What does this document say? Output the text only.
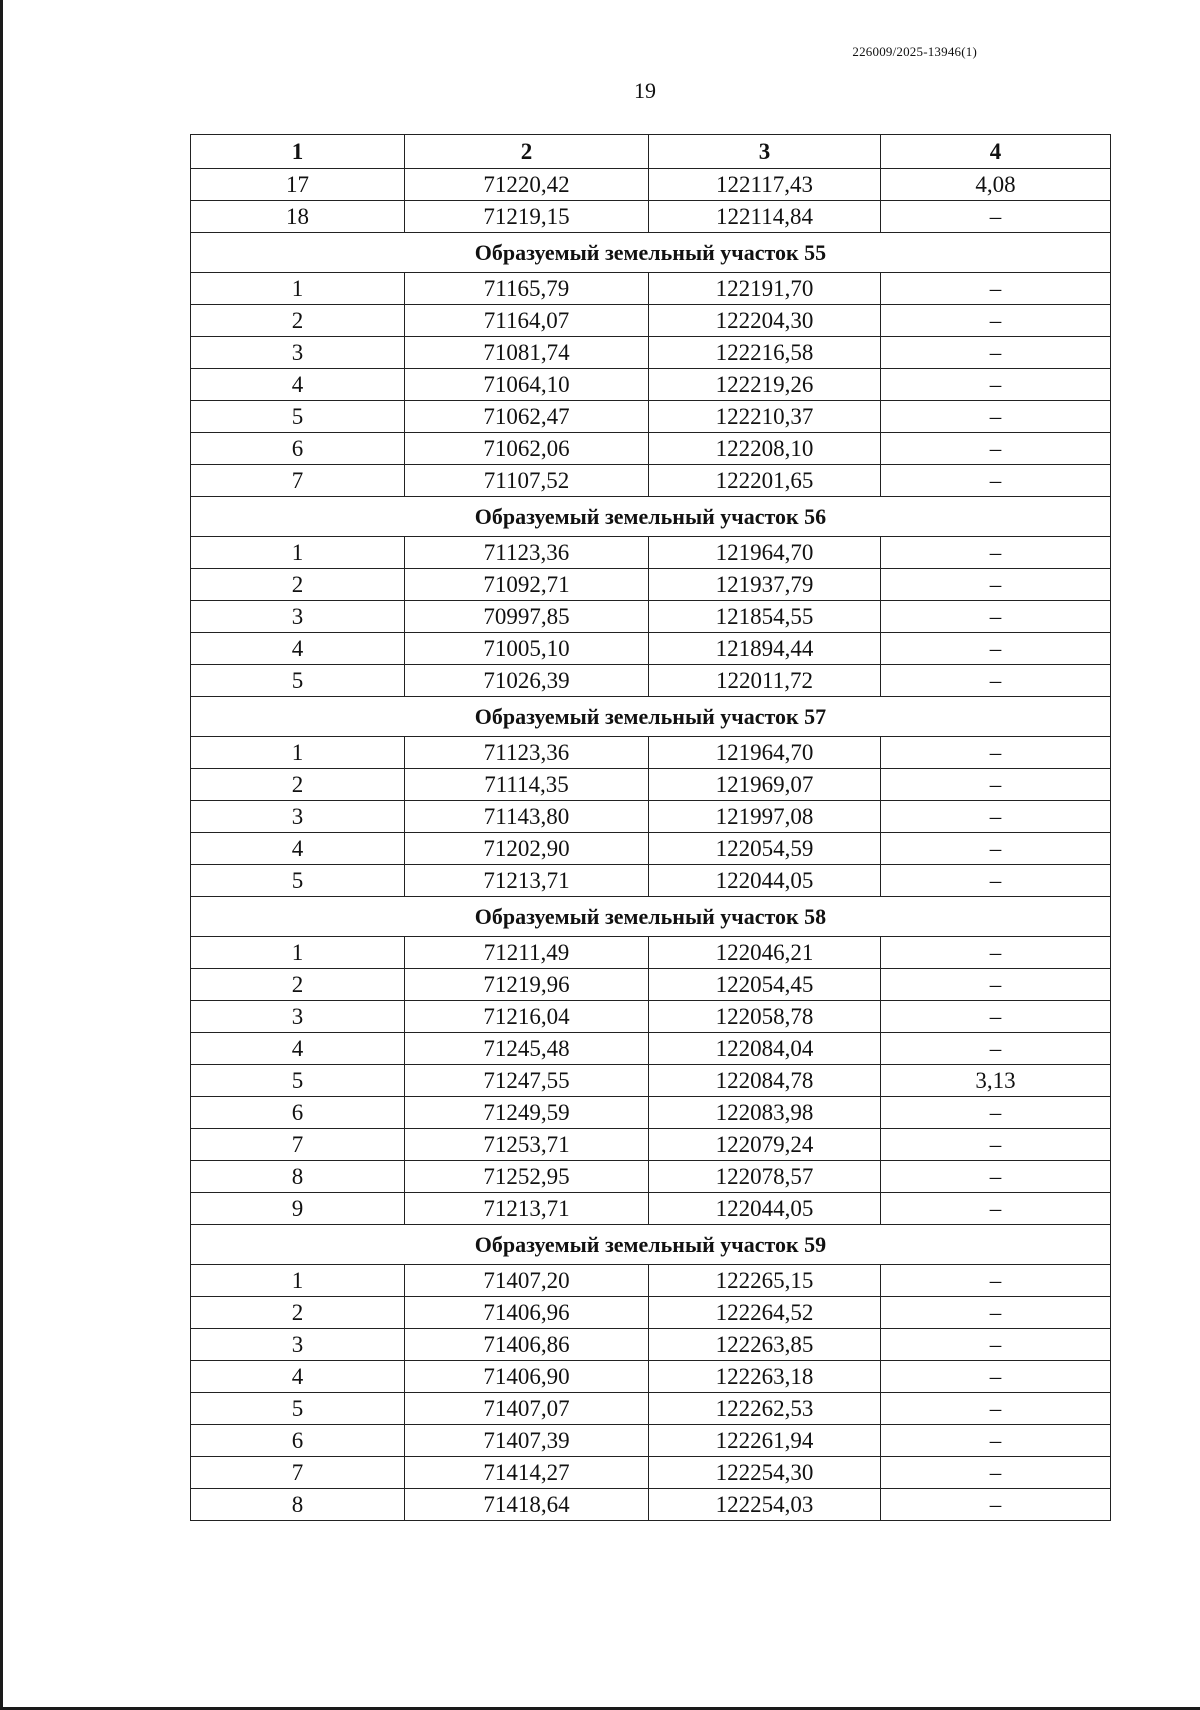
226009/2025-13946(1)
19
1	2	3	4
17	71220,42	122117,43	4,08
18	71219,15	122114,84	–
Образуемый земельный участок 55			
1	71165,79	122191,70	–
2	71164,07	122204,30	–
3	71081,74	122216,58	–
4	71064,10	122219,26	–
5	71062,47	122210,37	–
6	71062,06	122208,10	–
7	71107,52	122201,65	–
Образуемый земельный участок 56			
1	71123,36	121964,70	–
2	71092,71	121937,79	–
3	70997,85	121854,55	–
4	71005,10	121894,44	–
5	71026,39	122011,72	–
Образуемый земельный участок 57			
1	71123,36	121964,70	–
2	71114,35	121969,07	–
3	71143,80	121997,08	–
4	71202,90	122054,59	–
5	71213,71	122044,05	–
Образуемый земельный участок 58			
1	71211,49	122046,21	–
2	71219,96	122054,45	–
3	71216,04	122058,78	–
4	71245,48	122084,04	–
5	71247,55	122084,78	3,13
6	71249,59	122083,98	–
7	71253,71	122079,24	–
8	71252,95	122078,57	–
9	71213,71	122044,05	–
Образуемый земельный участок 59			
1	71407,20	122265,15	–
2	71406,96	122264,52	–
3	71406,86	122263,85	–
4	71406,90	122263,18	–
5	71407,07	122262,53	–
6	71407,39	122261,94	–
7	71414,27	122254,30	–
8	71418,64	122254,03	–
